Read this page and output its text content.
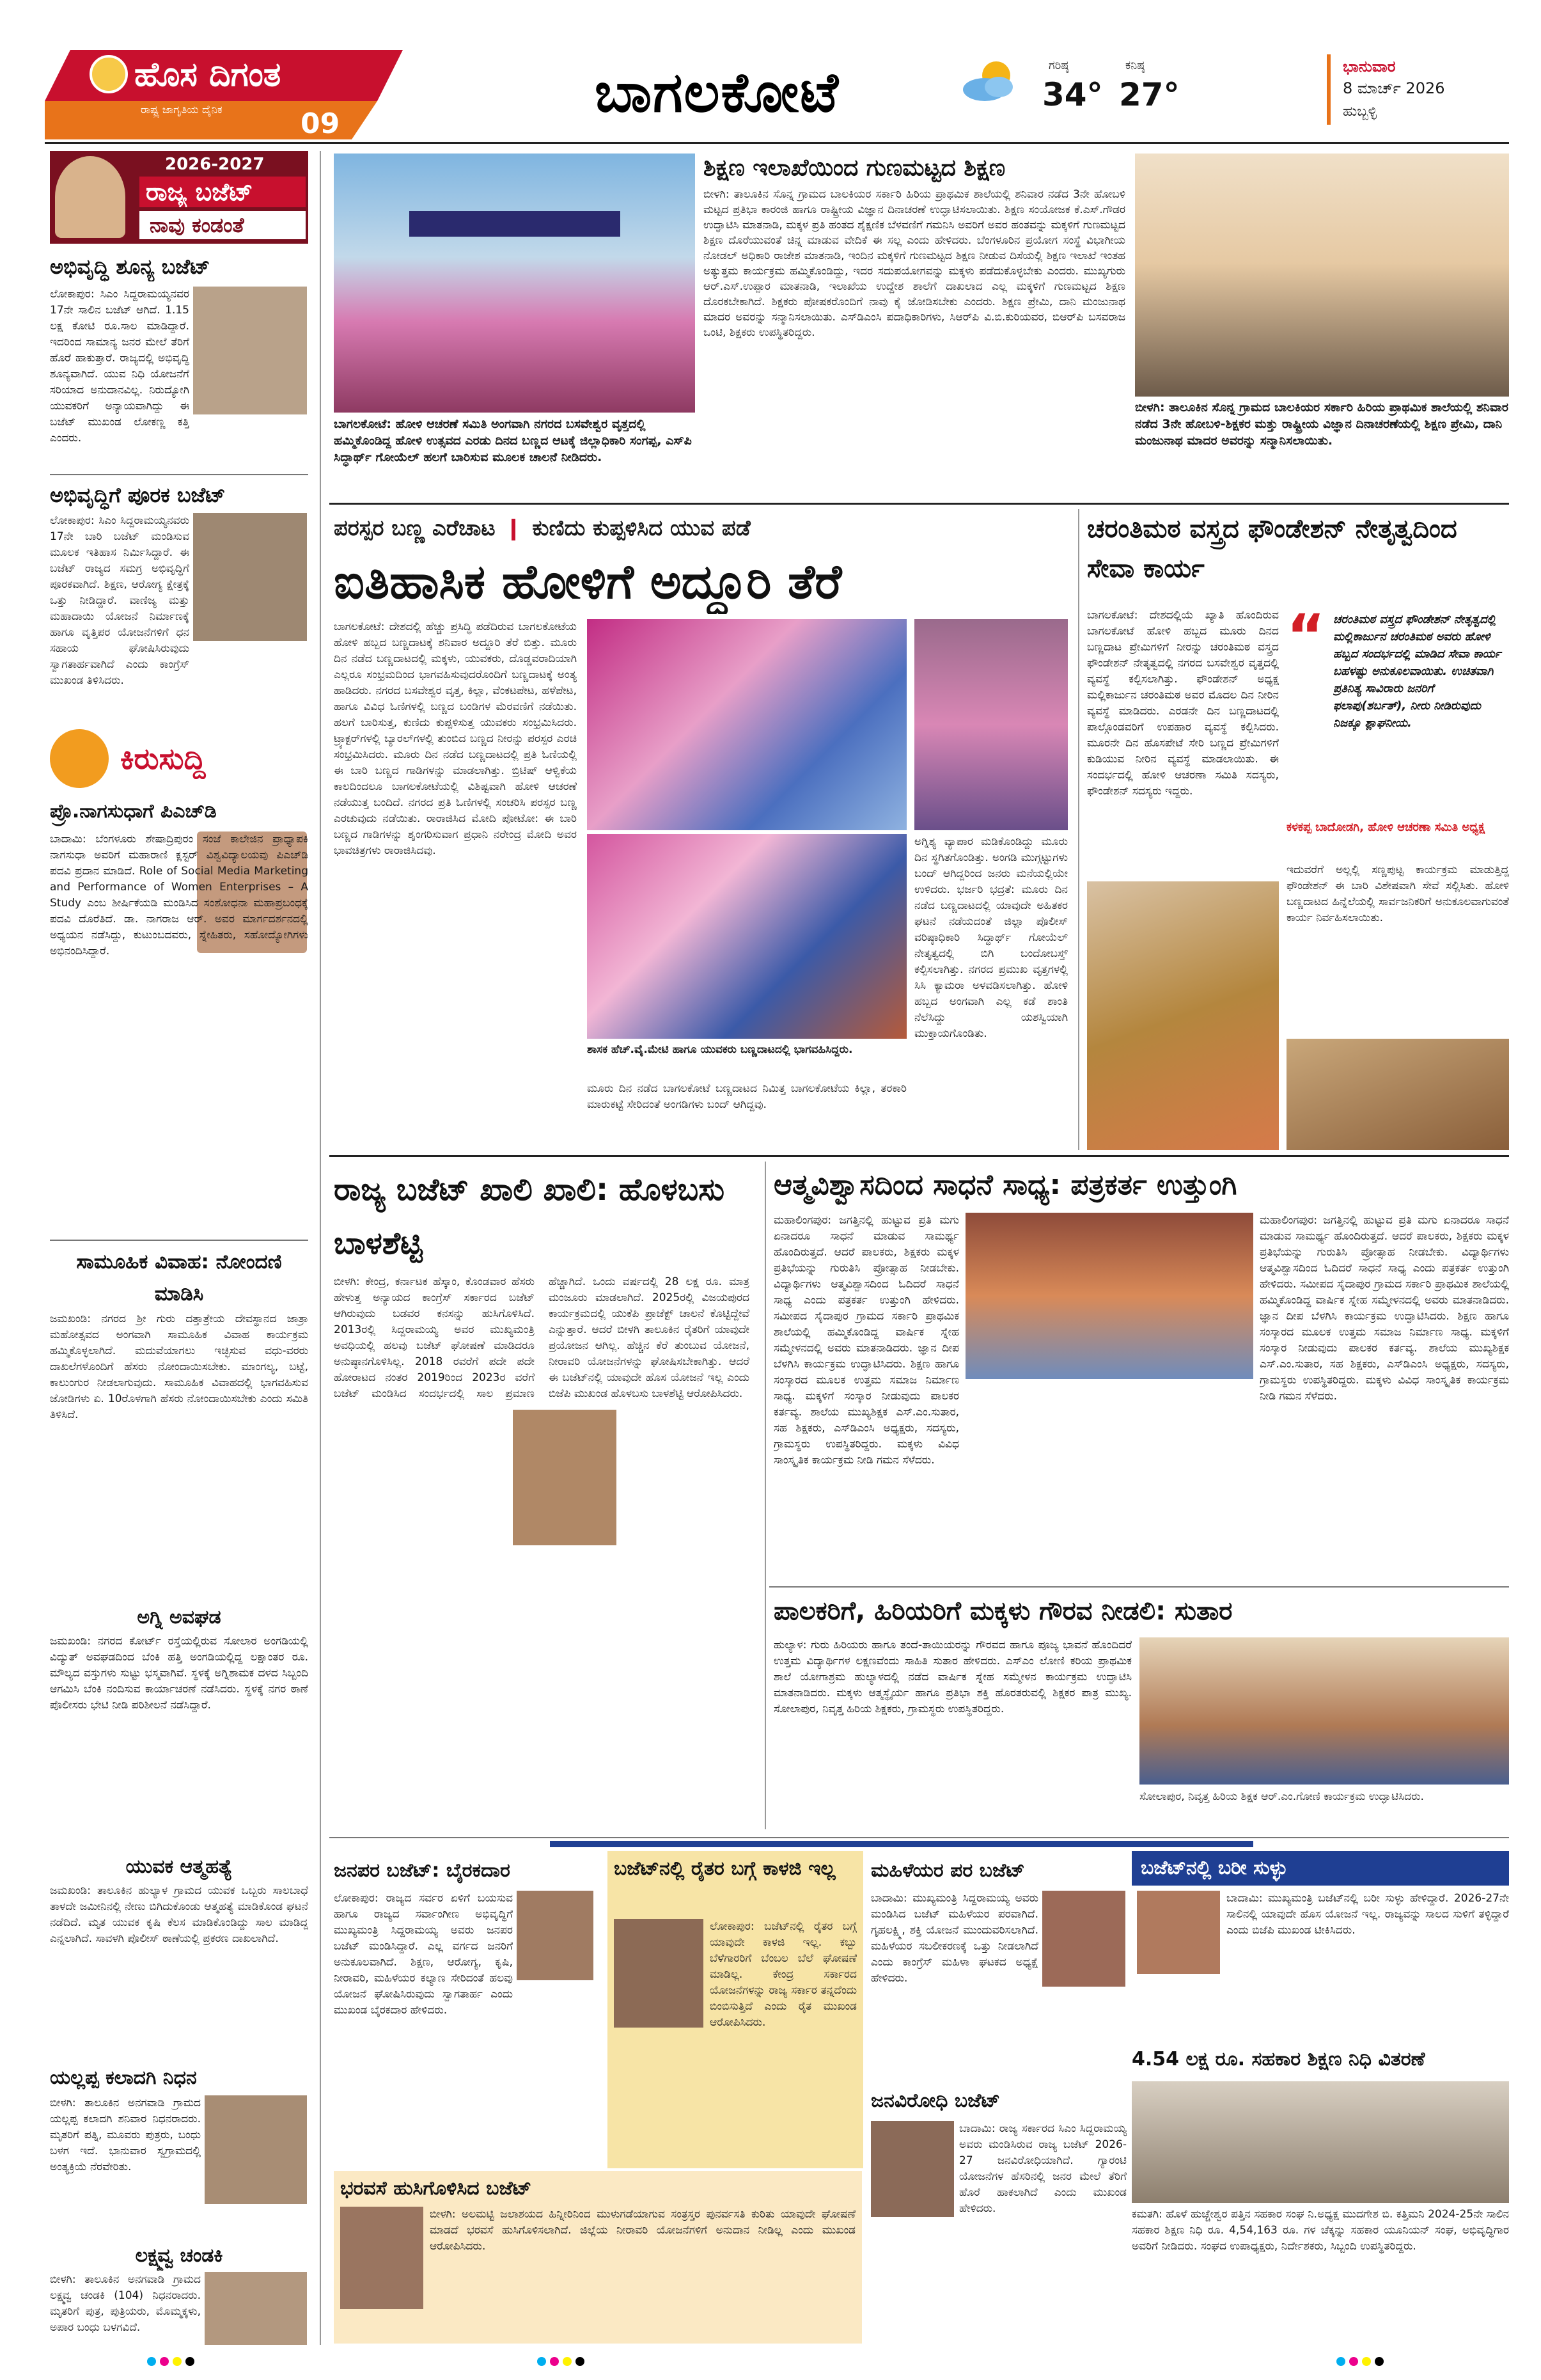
ಹೊಸ ದಿಗಂತ
ರಾಷ್ಟ್ರ ಜಾಗೃತಿಯ ದೈನಿಕ	09	ಬಾಗಲಕೋಟೆ	ಗರಿಷ್ಠ
34°
ಕನಿಷ್ಠ
27°
ಭಾನುವಾರ
8 ಮಾರ್ಚ್ 2026
ಹುಬ್ಬಳ್ಳಿ
2026-2027
ರಾಜ್ಯ ಬಜೆಟ್
ನಾವು ಕಂಡಂತೆ
ಅಭಿವೃದ್ಧಿ ಶೂನ್ಯ ಬಜೆಟ್
ಲೋಕಾಪುರ: ಸಿಎಂ ಸಿದ್ದರಾಮಯ್ಯನವರ 17ನೇ ಸಾಲಿನ ಬಜೆಟ್ ಆಗಿದೆ. 1.15 ಲಕ್ಷ ಕೋಟಿ ರೂ.ಸಾಲ ಮಾಡಿದ್ದಾರೆ. ಇದರಿಂದ ಸಾಮಾನ್ಯ ಜನರ ಮೇಲೆ ತೆರಿಗೆ ಹೊರೆ ಹಾಕುತ್ತಾರೆ. ರಾಜ್ಯದಲ್ಲಿ ಅಭಿವೃದ್ಧಿ ಶೂನ್ಯವಾಗಿದೆ. ಯುವ ನಿಧಿ ಯೋಜನೆಗೆ ಸರಿಯಾದ ಅನುದಾನವಿಲ್ಲ. ನಿರುದ್ಯೋಗಿ ಯುವಕರಿಗೆ ಅನ್ಯಾಯವಾಗಿದ್ದು ಈ ಬಜೆಟ್ ಮುಖಂಡ ಲೋಕಣ್ಣ ಕತ್ತಿ ಎಂದರು.
ಅಭಿವೃದ್ಧಿಗೆ ಪೂರಕ ಬಜೆಟ್
ಲೋಕಾಪುರ: ಸಿಎಂ ಸಿದ್ದರಾಮಯ್ಯನವರು 17ನೇ ಬಾರಿ ಬಜೆಟ್ ಮಂಡಿಸುವ ಮೂಲಕ ಇತಿಹಾಸ ನಿರ್ಮಿಸಿದ್ದಾರೆ. ಈ ಬಜೆಟ್ ರಾಜ್ಯದ ಸಮಗ್ರ ಅಭಿವೃದ್ಧಿಗೆ ಪೂರಕವಾಗಿದೆ. ಶಿಕ್ಷಣ, ಆರೋಗ್ಯ ಕ್ಷೇತ್ರಕ್ಕೆ ಒತ್ತು ನೀಡಿದ್ದಾರೆ. ವಾಣಿಜ್ಯ ಮತ್ತು ಮಹಾದಾಯಿ ಯೋಜನೆ ನಿರ್ಮಾಣಕ್ಕೆ ಹಾಗೂ ವೃತ್ತಿಪರ ಯೋಜನೆಗಳಿಗೆ ಧನ ಸಹಾಯ ಘೋಷಿಸಿರುವುದು ಸ್ವಾಗತಾರ್ಹವಾಗಿದೆ ಎಂದು ಕಾಂಗ್ರೆಸ್ ಮುಖಂಡ ತಿಳಿಸಿದರು.
ಕಿರುಸುದ್ದಿ
ಪ್ರೊ.ನಾಗಸುಧಾಗೆ ಪಿಎಚ್‌ಡಿ
ಬಾದಾಮಿ: ಬೆಂಗಳೂರು ಶೇಷಾದ್ರಿಪುರಂ ಸಂಜೆ ಕಾಲೇಜಿನ ಪ್ರಾಧ್ಯಾಪಕಿ ನಾಗಸುಧಾ ಅವರಿಗೆ ಮಹಾರಾಣಿ ಕ್ಲಸ್ಟರ್ ವಿಶ್ವವಿದ್ಯಾಲಯವು ಪಿಎಚ್‌ಡಿ ಪದವಿ ಪ್ರದಾನ ಮಾಡಿದೆ. Role of Social Media Marketing and Performance of Women Enterprises – A Study ಎಂಬ ಶೀರ್ಷಿಕೆಯಡಿ ಮಂಡಿಸಿದ ಸಂಶೋಧನಾ ಮಹಾಪ್ರಬಂಧಕ್ಕೆ ಪದವಿ ದೊರೆತಿದೆ. ಡಾ. ನಾಗರಾಜ ಆರ್. ಅವರ ಮಾರ್ಗದರ್ಶನದಲ್ಲಿ ಅಧ್ಯಯನ ನಡೆಸಿದ್ದು, ಕುಟುಂಬದವರು, ಸ್ನೇಹಿತರು, ಸಹೋದ್ಯೋಗಿಗಳು ಅಭಿನಂದಿಸಿದ್ದಾರೆ.
ಸಾಮೂಹಿಕ ವಿವಾಹ: ನೋಂದಣಿ ಮಾಡಿಸಿ
ಜಮಖಂಡಿ: ನಗರದ ಶ್ರೀ ಗುರು ದತ್ತಾತ್ರೇಯ ದೇವಸ್ಥಾನದ ಜಾತ್ರಾ ಮಹೋತ್ಸವದ ಅಂಗವಾಗಿ ಸಾಮೂಹಿಕ ವಿವಾಹ ಕಾರ್ಯಕ್ರಮ ಹಮ್ಮಿಕೊಳ್ಳಲಾಗಿದೆ. ಮದುವೆಯಾಗಲು ಇಚ್ಛಿಸುವ ವಧು-ವರರು ದಾಖಲೆಗಳೊಂದಿಗೆ ಹೆಸರು ನೋಂದಾಯಿಸಬೇಕು. ಮಾಂಗಲ್ಯ, ಬಟ್ಟೆ, ಕಾಲುಂಗುರ ನೀಡಲಾಗುವುದು. ಸಾಮೂಹಿಕ ವಿವಾಹದಲ್ಲಿ ಭಾಗವಹಿಸುವ ಜೋಡಿಗಳು ಏ. 10ರೊಳಗಾಗಿ ಹೆಸರು ನೋಂದಾಯಿಸಬೇಕು ಎಂದು ಸಮಿತಿ ತಿಳಿಸಿದೆ.
ಅಗ್ನಿ ಅವಘಡ
ಜಮಖಂಡಿ: ನಗರದ ಕೋರ್ಟ್ ರಸ್ತೆಯಲ್ಲಿರುವ ಸೋಲಾರ ಅಂಗಡಿಯಲ್ಲಿ ವಿದ್ಯುತ್ ಅವಘಡದಿಂದ ಬೆಂಕಿ ಹತ್ತಿ ಅಂಗಡಿಯಲ್ಲಿದ್ದ ಲಕ್ಷಾಂತರ ರೂ. ಮೌಲ್ಯದ ವಸ್ತುಗಳು ಸುಟ್ಟು ಭಸ್ಮವಾಗಿವೆ. ಸ್ಥಳಕ್ಕೆ ಅಗ್ನಿಶಾಮಕ ದಳದ ಸಿಬ್ಬಂದಿ ಆಗಮಿಸಿ ಬೆಂಕಿ ನಂದಿಸುವ ಕಾರ್ಯಾಚರಣೆ ನಡೆಸಿದರು. ಸ್ಥಳಕ್ಕೆ ನಗರ ಠಾಣೆ ಪೊಲೀಸರು ಭೇಟಿ ನೀಡಿ ಪರಿಶೀಲನೆ ನಡೆಸಿದ್ದಾರೆ.
ಯುವಕ ಆತ್ಮಹತ್ಯೆ
ಜಮಖಂಡಿ: ತಾಲೂಕಿನ ಹುಲ್ಯಾಳ ಗ್ರಾಮದ ಯುವಕ ಒಬ್ಬರು ಸಾಲಬಾಧೆ ತಾಳದೇ ಜಮೀನಿನಲ್ಲಿ ನೇಣು ಬಿಗಿದುಕೊಂಡು ಆತ್ಮಹತ್ಯೆ ಮಾಡಿಕೊಂಡ ಘಟನೆ ನಡೆದಿದೆ. ಮೃತ ಯುವಕ ಕೃಷಿ ಕೆಲಸ ಮಾಡಿಕೊಂಡಿದ್ದು ಸಾಲ ಮಾಡಿದ್ದ ಎನ್ನಲಾಗಿದೆ. ಸಾವಳಗಿ ಪೊಲೀಸ್ ಠಾಣೆಯಲ್ಲಿ ಪ್ರಕರಣ ದಾಖಲಾಗಿದೆ.
ಯಲ್ಲಪ್ಪ ಕಲಾದಗಿ ನಿಧನ
ಬೀಳಗಿ: ತಾಲೂಕಿನ ಅನಗವಾಡಿ ಗ್ರಾಮದ ಯಲ್ಲಪ್ಪ ಕಲಾದಗಿ ಶನಿವಾರ ನಿಧನರಾದರು. ಮೃತರಿಗೆ ಪತ್ನಿ, ಮೂವರು ಪುತ್ರರು, ಬಂಧು ಬಳಗ ಇದೆ. ಭಾನುವಾರ ಸ್ವಗ್ರಾಮದಲ್ಲಿ ಅಂತ್ಯಕ್ರಿಯೆ ನೆರವೇರಿತು.
ಲಕ್ಷ್ಮವ್ವ ಚಂಡಕಿ
ಬೀಳಗಿ: ತಾಲೂಕಿನ ಅನಗವಾಡಿ ಗ್ರಾಮದ ಲಕ್ಷ್ಮವ್ವ ಚಂಡಕಿ (104) ನಿಧನರಾದರು. ಮೃತರಿಗೆ ಪುತ್ರ, ಪುತ್ರಿಯರು, ಮೊಮ್ಮಕ್ಕಳು, ಅಪಾರ ಬಂಧು ಬಳಗವಿದೆ.
ಬಾಗಲಕೋಟೆ: ಹೋಳಿ ಆಚರಣೆ ಸಮಿತಿ ಅಂಗವಾಗಿ ನಗರದ ಬಸವೇಶ್ವರ ವೃತ್ತದಲ್ಲಿ ಹಮ್ಮಿಕೊಂಡಿದ್ದ ಹೋಳಿ ಉತ್ಸವದ ಎರಡು ದಿನದ ಬಣ್ಣದ ಆಟಕ್ಕೆ ಜಿಲ್ಲಾಧಿಕಾರಿ ಸಂಗಪ್ಪ, ಎಸ್‌ಪಿ ಸಿದ್ಧಾರ್ಥ್ ಗೋಯೆಲ್ ಹಲಗೆ ಬಾರಿಸುವ ಮೂಲಕ ಚಾಲನೆ ನೀಡಿದರು.
ಶಿಕ್ಷಣ ಇಲಾಖೆಯಿಂದ ಗುಣಮಟ್ಟದ ಶಿಕ್ಷಣ
ಬೀಳಗಿ: ತಾಲೂಕಿನ ಸೊನ್ನ ಗ್ರಾಮದ ಬಾಲಕಿಯರ ಸರ್ಕಾರಿ ಹಿರಿಯ ಪ್ರಾಥಮಿಕ ಶಾಲೆಯಲ್ಲಿ ಶನಿವಾರ ನಡೆದ 3ನೇ ಹೋಬಳಿ ಮಟ್ಟದ ಪ್ರತಿಭಾ ಕಾರಂಜಿ ಹಾಗೂ ರಾಷ್ಟ್ರೀಯ ವಿಜ್ಞಾನ ದಿನಾಚರಣೆ ಉದ್ಘಾಟಿಸಲಾಯಿತು. ಶಿಕ್ಷಣ ಸಂಯೋಜಕ ಕೆ.ಎಸ್.ಗೌಡರ ಉದ್ಘಾಟಿಸಿ ಮಾತನಾಡಿ, ಮಕ್ಕಳ ಪ್ರತಿ ಹಂತದ ಶೈಕ್ಷಣಿಕ ಬೆಳವಣಿಗೆ ಗಮನಿಸಿ ಅವರಿಗೆ ಅವರ ಹಂತವನ್ನು ಮಕ್ಕಳಿಗೆ ಗುಣಮಟ್ಟದ ಶಿಕ್ಷಣ ದೊರೆಯುವಂತೆ ಚಿನ್ನ ಮಾಡುವ ವೇದಿಕೆ ಈ ಸಲ್ಲ ಎಂದು ಹೇಳಿದರು. ಬೆಂಗಳೂರಿನ ಪ್ರಯೋಗ ಸಂಸ್ಥೆ ವಿಭಾಗೀಯ ನೋಡಲ್ ಅಧಿಕಾರಿ ರಾಜೇಶ ಮಾತನಾಡಿ, ಇಂದಿನ ಮಕ್ಕಳಿಗೆ ಗುಣಮಟ್ಟದ ಶಿಕ್ಷಣ ನೀಡುವ ದಿಸೆಯಲ್ಲಿ ಶಿಕ್ಷಣ ಇಲಾಖೆ ಇಂತಹ ಅತ್ಯುತ್ತಮ ಕಾರ್ಯಕ್ರಮ ಹಮ್ಮಿಕೊಂಡಿದ್ದು, ಇದರ ಸದುಪಯೋಗವನ್ನು ಮಕ್ಕಳು ಪಡೆದುಕೊಳ್ಳಬೇಕು ಎಂದರು. ಮುಖ್ಯಗುರು ಆರ್.ಎಸ್.ಉಪ್ಪಾರ ಮಾತನಾಡಿ, ಇಲಾಖೆಯ ಉದ್ದೇಶ ಶಾಲೆಗೆ ದಾಖಲಾದ ಎಲ್ಲ ಮಕ್ಕಳಿಗೆ ಗುಣಮಟ್ಟದ ಶಿಕ್ಷಣ ದೊರಕಬೇಕಾಗಿದೆ. ಶಿಕ್ಷಕರು ಪೋಷಕರೊಂದಿಗೆ ನಾವು ಕೈ ಜೋಡಿಸಬೇಕು ಎಂದರು. ಶಿಕ್ಷಣ ಪ್ರೇಮಿ, ದಾನಿ ಮಂಜುನಾಥ ಮಾದರ ಅವರನ್ನು ಸನ್ಮಾನಿಸಲಾಯಿತು. ಎಸ್‌ಡಿಎಂಸಿ ಪದಾಧಿಕಾರಿಗಳು, ಸಿಆರ್‌ಪಿ ವಿ.ಬಿ.ಕುರಿಯವರ, ಬಿಆರ್‌ಪಿ ಬಸವರಾಜ ಒಂಟಿ, ಶಿಕ್ಷಕರು ಉಪಸ್ಥಿತರಿದ್ದರು.
ಬೀಳಗಿ: ತಾಲೂಕಿನ ಸೊನ್ನ ಗ್ರಾಮದ ಬಾಲಕಿಯರ ಸರ್ಕಾರಿ ಹಿರಿಯ ಪ್ರಾಥಮಿಕ ಶಾಲೆಯಲ್ಲಿ ಶನಿವಾರ ನಡೆದ 3ನೇ ಹೋಬಳಿ-ಶಿಕ್ಷಕರ ಮತ್ತು ರಾಷ್ಟ್ರೀಯ ವಿಜ್ಞಾನ ದಿನಾಚರಣೆಯಲ್ಲಿ ಶಿಕ್ಷಣ ಪ್ರೇಮಿ, ದಾನಿ ಮಂಜುನಾಥ ಮಾದರ ಅವರನ್ನು ಸನ್ಮಾನಿಸಲಾಯಿತು.
ಪರಸ್ಪರ ಬಣ್ಣ ಎರೆಚಾಟ ಕುಣಿದು ಕುಪ್ಪಳಿಸಿದ ಯುವ ಪಡೆ
ಐತಿಹಾಸಿಕ ಹೋಳಿಗೆ ಅದ್ದೂರಿ ತೆರೆ
ಬಾಗಲಕೋಟೆ: ದೇಶದಲ್ಲಿ ಹೆಚ್ಚು ಪ್ರಸಿದ್ಧಿ ಪಡೆದಿರುವ ಬಾಗಲಕೋಟೆಯ ಹೋಳಿ ಹಬ್ಬದ ಬಣ್ಣದಾಟಕ್ಕೆ ಶನಿವಾರ ಅದ್ದೂರಿ ತೆರೆ ಬಿತ್ತು. ಮೂರು ದಿನ ನಡೆದ ಬಣ್ಣದಾಟದಲ್ಲಿ ಮಕ್ಕಳು, ಯುವಕರು, ದೊಡ್ಡವರಾದಿಯಾಗಿ ಎಲ್ಲರೂ ಸಂಭ್ರಮದಿಂದ ಭಾಗವಹಿಸುವುದರೊಂದಿಗೆ ಬಣ್ಣದಾಟಕ್ಕೆ ಅಂತ್ಯ ಹಾಡಿದರು. ನಗರದ ಬಸವೇಶ್ವರ ವೃತ್ತ, ಕಿಲ್ಲಾ, ವೆಂಕಟಪೇಟ, ಹಳೆಪೇಟ, ಹಾಗೂ ವಿವಿಧ ಓಣಿಗಳಲ್ಲಿ ಬಣ್ಣದ ಬಂಡಿಗಳ ಮೆರವಣಿಗೆ ನಡೆಯಿತು. ಹಲಗೆ ಬಾರಿಸುತ್ತ, ಕುಣಿದು ಕುಪ್ಪಳಿಸುತ್ತ ಯುವಕರು ಸಂಭ್ರಮಿಸಿದರು. ಟ್ರ್ಯಾಕ್ಟರ್‌ಗಳಲ್ಲಿ ಬ್ಯಾರಲ್‌ಗಳಲ್ಲಿ ತುಂಬಿದ ಬಣ್ಣದ ನೀರನ್ನು ಪರಸ್ಪರ ಎರಚಿ ಸಂಭ್ರಮಿಸಿದರು. ಮೂರು ದಿನ ನಡೆದ ಬಣ್ಣದಾಟದಲ್ಲಿ ಪ್ರತಿ ಓಣಿಯಲ್ಲಿ ಈ ಬಾರಿ ಬಣ್ಣದ ಗಾಡಿಗಳನ್ನು ಮಾಡಲಾಗಿತ್ತು. ಬ್ರಿಟಿಷ್ ಆಳ್ವಿಕೆಯ ಕಾಲದಿಂದಲೂ ಬಾಗಲಕೋಟೆಯಲ್ಲಿ ವಿಶಿಷ್ಟವಾಗಿ ಹೋಳಿ ಆಚರಣೆ ನಡೆಯುತ್ತ ಬಂದಿದೆ. ನಗರದ ಪ್ರತಿ ಓಣಿಗಳಲ್ಲಿ ಸಂಚರಿಸಿ ಪರಸ್ಪರ ಬಣ್ಣ ಎರಚುವುದು ನಡೆಯಿತು. ರಾರಾಜಿಸಿದ ಮೋದಿ ಪೋಟೋ: ಈ ಬಾರಿ ಬಣ್ಣದ ಗಾಡಿಗಳನ್ನು ಶೃಂಗರಿಸುವಾಗ ಪ್ರಧಾನಿ ನರೇಂದ್ರ ಮೋದಿ ಅವರ ಭಾವಚಿತ್ರಗಳು ರಾರಾಜಿಸಿದವು.
ಶಾಸಕ ಹೆಚ್.ವೈ.ಮೇಟಿ ಹಾಗೂ ಯುವಕರು ಬಣ್ಣದಾಟದಲ್ಲಿ ಭಾಗವಹಿಸಿದ್ದರು.
ಮೂರು ದಿನ ನಡೆದ ಬಾಗಲಕೋಟೆ ಬಣ್ಣದಾಟದ ನಿಮಿತ್ತ ಬಾಗಲಕೋಟೆಯ ಕಿಲ್ಲಾ, ತರಕಾರಿ ಮಾರುಕಟ್ಟೆ ಸೇರಿದಂತೆ ಅಂಗಡಿಗಳು ಬಂದ್ ಆಗಿದ್ದವು.
ಅಗ್ನಿಶ್ಯ ವ್ಯಾಪಾರ ಮಡಿಕೊಂಡಿದ್ದು ಮೂರು ದಿನ ಸ್ಥಗಿತಗೊಂಡಿತ್ತು. ಅಂಗಡಿ ಮುಗ್ಗಟ್ಟುಗಳು ಬಂದ್ ಆಗಿದ್ದರಿಂದ ಜನರು ಮನೆಯಲ್ಲಿಯೇ ಉಳಿದರು. ಭರ್ಜರಿ ಭದ್ರತೆ: ಮೂರು ದಿನ ನಡೆದ ಬಣ್ಣದಾಟದಲ್ಲಿ ಯಾವುದೇ ಅಹಿತಕರ ಘಟನೆ ನಡೆಯದಂತೆ ಜಿಲ್ಲಾ ಪೊಲೀಸ್ ವರಿಷ್ಠಾಧಿಕಾರಿ ಸಿದ್ಧಾರ್ಥ್ ಗೋಯೆಲ್ ನೇತೃತ್ವದಲ್ಲಿ ಬಿಗಿ ಬಂದೋಬಸ್ತ್ ಕಲ್ಪಿಸಲಾಗಿತ್ತು. ನಗರದ ಪ್ರಮುಖ ವೃತ್ತಗಳಲ್ಲಿ ಸಿಸಿ ಕ್ಯಾಮರಾ ಅಳವಡಿಸಲಾಗಿತ್ತು. ಹೋಳಿ ಹಬ್ಬದ ಅಂಗವಾಗಿ ಎಲ್ಲ ಕಡೆ ಶಾಂತಿ ನೆಲೆಸಿದ್ದು ಯಶಸ್ವಿಯಾಗಿ ಮುಕ್ತಾಯಗೊಂಡಿತು.
ಚರಂತಿಮಠ ವಸ್ತ್ರದ ಫೌಂಡೇಶನ್ ನೇತೃತ್ವದಿಂದ ಸೇವಾ ಕಾರ್ಯ
ಬಾಗಲಕೋಟೆ: ದೇಶದಲ್ಲಿಯೆ ಖ್ಯಾತಿ ಹೊಂದಿರುವ ಬಾಗಲಕೋಟೆ ಹೋಳಿ ಹಬ್ಬದ ಮೂರು ದಿನದ ಬಣ್ಣದಾಟ ಪ್ರೇಮಿಗಳಿಗೆ ನೀರನ್ನು ಚರಂತಿಮಠ ವಸ್ತ್ರದ ಫೌಂಡೇಶನ್ ನೇತೃತ್ವದಲ್ಲಿ ನಗರದ ಬಸವೇಶ್ವರ ವೃತ್ತದಲ್ಲಿ ವ್ಯವಸ್ಥೆ ಕಲ್ಪಿಸಲಾಗಿತ್ತು. ಫೌಂಡೇಶನ್ ಅಧ್ಯಕ್ಷ ಮಲ್ಲಿಕಾರ್ಜುನ ಚರಂತಿಮಠ ಅವರ ಮೊದಲ ದಿನ ನೀರಿನ ವ್ಯವಸ್ಥೆ ಮಾಡಿದರು. ಎರಡನೇ ದಿನ ಬಣ್ಣದಾಟದಲ್ಲಿ ಪಾಲ್ಗೊಂಡವರಿಗೆ ಉಪಹಾರ ವ್ಯವಸ್ಥೆ ಕಲ್ಪಿಸಿದರು. ಮೂರನೇ ದಿನ ಹೊಸಪೇಟೆ ಸೇರಿ ಬಣ್ಣದ ಪ್ರೇಮಿಗಳಿಗೆ ಕುಡಿಯುವ ನೀರಿನ ವ್ಯವಸ್ಥೆ ಮಾಡಲಾಯಿತು. ಈ ಸಂದರ್ಭದಲ್ಲಿ ಹೋಳಿ ಆಚರಣಾ ಸಮಿತಿ ಸದಸ್ಯರು, ಫೌಂಡೇಶನ್ ಸದಸ್ಯರು ಇದ್ದರು.
“ ಚರಂತಿಮಠ ವಸ್ತ್ರದ ಫೌಂಡೇಶನ್ ನೇತೃತ್ವದಲ್ಲಿ ಮಲ್ಲಿಕಾರ್ಜುನ ಚರಂತಿಮಠ ಅವರು ಹೋಳಿ ಹಬ್ಬದ ಸಂದರ್ಭದಲ್ಲಿ ಮಾಡಿದ ಸೇವಾ ಕಾರ್ಯ ಬಹಳಷ್ಟು ಅನುಕೂಲವಾಯಿತು. ಉಚಿತವಾಗಿ ಪ್ರತಿನಿತ್ಯ ಸಾವಿರಾರು ಜನರಿಗೆ ಫಲಾಪು(ಶರ್ಬತ್), ನೀರು ನೀಡಿರುವುದು ನಿಜಕ್ಕೂ ಶ್ಲಾಘನೀಯ.
ಕಳಕಪ್ಪ ಬಾದೋಡಗಿ, ಹೋಳಿ ಆಚರಣಾ ಸಮಿತಿ ಅಧ್ಯಕ್ಷ
ಇದುವರೆಗೆ ಅಲ್ಲಲ್ಲಿ ಸಣ್ಣಪುಟ್ಟ ಕಾರ್ಯಕ್ರಮ ಮಾಡುತ್ತಿದ್ದ ಫೌಂಡೇಶನ್ ಈ ಬಾರಿ ವಿಶೇಷವಾಗಿ ಸೇವೆ ಸಲ್ಲಿಸಿತು. ಹೋಳಿ ಬಣ್ಣದಾಟದ ಹಿನ್ನೆಲೆಯಲ್ಲಿ ಸಾರ್ವಜನಿಕರಿಗೆ ಅನುಕೂಲವಾಗುವಂತೆ ಕಾರ್ಯ ನಿರ್ವಹಿಸಲಾಯಿತು.
ರಾಜ್ಯ ಬಜೆಟ್ ಖಾಲಿ ಖಾಲಿ: ಹೊಳಬಸು ಬಾಳಶೆಟ್ಟಿ
ಬೀಳಗಿ: ಕೇಂದ್ರ, ಕರ್ನಾಟಕ ಹೆಸ್ಕಾಂ, ಕೊಂಡವಾರ ಹೆಸರು ಹೇಳುತ್ತ ಅನ್ಯಾಯದ ಕಾಂಗ್ರೆಸ್ ಸರ್ಕಾರದ ಬಜೆಟ್ ಆಗಿರುವುದು ಬಡವರ ಕನಸನ್ನು ಹುಸಿಗೊಳಿಸಿದೆ. 2013ರಲ್ಲಿ ಸಿದ್ದರಾಮಯ್ಯ ಅವರ ಮುಖ್ಯಮಂತ್ರಿ ಅವಧಿಯಲ್ಲಿ ಹಲವು ಬಜೆಟ್ ಘೋಷಣೆ ಮಾಡಿದರೂ ಅನುಷ್ಠಾನಗೊಳಿಸಿಲ್ಲ. 2018 ರವರೆಗೆ ಪದೇ ಪದೇ ಹೋರಾಟದ ನಂತರ 2019ರಿಂದ 2023ರ ವರೆಗೆ ಬಜೆಟ್ ಮಂಡಿಸಿದ ಸಂದರ್ಭದಲ್ಲಿ ಸಾಲ ಪ್ರಮಾಣ ಹೆಚ್ಚಾಗಿದೆ. ಒಂದು ವರ್ಷದಲ್ಲಿ 28 ಲಕ್ಷ ರೂ. ಮಾತ್ರ ಮಂಜೂರು ಮಾಡಲಾಗಿದೆ. 2025ರಲ್ಲಿ ವಿಜಯಪುರದ ಕಾರ್ಯಕ್ರಮದಲ್ಲಿ ಯುಕೆಪಿ ಪ್ರಾಜೆಕ್ಟ್ ಚಾಲನೆ ಕೊಟ್ಟಿದ್ದೇವೆ ಎನ್ನುತ್ತಾರೆ. ಆದರೆ ಬೀಳಗಿ ತಾಲೂಕಿನ ರೈತರಿಗೆ ಯಾವುದೇ ಪ್ರಯೋಜನ ಆಗಿಲ್ಲ. ಹೆಚ್ಚಿನ ಕೆರೆ ತುಂಬುವ ಯೋಜನೆ, ನೀರಾವರಿ ಯೋಜನೆಗಳನ್ನು ಘೋಷಿಸಬೇಕಾಗಿತ್ತು. ಆದರೆ ಈ ಬಜೆಟ್‌ನಲ್ಲಿ ಯಾವುದೇ ಹೊಸ ಯೋಜನೆ ಇಲ್ಲ ಎಂದು ಬಿಜೆಪಿ ಮುಖಂಡ ಹೊಳಬಸು ಬಾಳಶೆಟ್ಟಿ ಆರೋಪಿಸಿದರು.
ಆತ್ಮವಿಶ್ವಾಸದಿಂದ ಸಾಧನೆ ಸಾಧ್ಯ: ಪತ್ರಕರ್ತ ಉತ್ತುಂಗಿ
ಮಹಾಲಿಂಗಪುರ: ಜಗತ್ತಿನಲ್ಲಿ ಹುಟ್ಟುವ ಪ್ರತಿ ಮಗು ಏನಾದರೂ ಸಾಧನೆ ಮಾಡುವ ಸಾಮರ್ಥ್ಯ ಹೊಂದಿರುತ್ತದೆ. ಆದರೆ ಪಾಲಕರು, ಶಿಕ್ಷಕರು ಮಕ್ಕಳ ಪ್ರತಿಭೆಯನ್ನು ಗುರುತಿಸಿ ಪ್ರೋತ್ಸಾಹ ನೀಡಬೇಕು. ವಿದ್ಯಾರ್ಥಿಗಳು ಆತ್ಮವಿಶ್ವಾಸದಿಂದ ಓದಿದರೆ ಸಾಧನೆ ಸಾಧ್ಯ ಎಂದು ಪತ್ರಕರ್ತ ಉತ್ತುಂಗಿ ಹೇಳಿದರು. ಸಮೀಪದ ಸೈದಾಪುರ ಗ್ರಾಮದ ಸರ್ಕಾರಿ ಪ್ರಾಥಮಿಕ ಶಾಲೆಯಲ್ಲಿ ಹಮ್ಮಿಕೊಂಡಿದ್ದ ವಾರ್ಷಿಕ ಸ್ನೇಹ ಸಮ್ಮೇಳನದಲ್ಲಿ ಅವರು ಮಾತನಾಡಿದರು. ಜ್ಞಾನ ದೀಪ ಬೆಳಗಿಸಿ ಕಾರ್ಯಕ್ರಮ ಉದ್ಘಾಟಿಸಿದರು. ಶಿಕ್ಷಣ ಹಾಗೂ ಸಂಸ್ಕಾರದ ಮೂಲಕ ಉತ್ತಮ ಸಮಾಜ ನಿರ್ಮಾಣ ಸಾಧ್ಯ. ಮಕ್ಕಳಿಗೆ ಸಂಸ್ಕಾರ ನೀಡುವುದು ಪಾಲಕರ ಕರ್ತವ್ಯ. ಶಾಲೆಯ ಮುಖ್ಯಶಿಕ್ಷಕ ಎಸ್.ಎಂ.ಸುತಾರ, ಸಹ ಶಿಕ್ಷಕರು, ಎಸ್‌ಡಿಎಂಸಿ ಅಧ್ಯಕ್ಷರು, ಸದಸ್ಯರು, ಗ್ರಾಮಸ್ಥರು ಉಪಸ್ಥಿತರಿದ್ದರು. ಮಕ್ಕಳು ವಿವಿಧ ಸಾಂಸ್ಕೃತಿಕ ಕಾರ್ಯಕ್ರಮ ನೀಡಿ ಗಮನ ಸೆಳೆದರು.
ಮಹಾಲಿಂಗಪುರ: ಜಗತ್ತಿನಲ್ಲಿ ಹುಟ್ಟುವ ಪ್ರತಿ ಮಗು ಏನಾದರೂ ಸಾಧನೆ ಮಾಡುವ ಸಾಮರ್ಥ್ಯ ಹೊಂದಿರುತ್ತದೆ. ಆದರೆ ಪಾಲಕರು, ಶಿಕ್ಷಕರು ಮಕ್ಕಳ ಪ್ರತಿಭೆಯನ್ನು ಗುರುತಿಸಿ ಪ್ರೋತ್ಸಾಹ ನೀಡಬೇಕು. ವಿದ್ಯಾರ್ಥಿಗಳು ಆತ್ಮವಿಶ್ವಾಸದಿಂದ ಓದಿದರೆ ಸಾಧನೆ ಸಾಧ್ಯ ಎಂದು ಪತ್ರಕರ್ತ ಉತ್ತುಂಗಿ ಹೇಳಿದರು. ಸಮೀಪದ ಸೈದಾಪುರ ಗ್ರಾಮದ ಸರ್ಕಾರಿ ಪ್ರಾಥಮಿಕ ಶಾಲೆಯಲ್ಲಿ ಹಮ್ಮಿಕೊಂಡಿದ್ದ ವಾರ್ಷಿಕ ಸ್ನೇಹ ಸಮ್ಮೇಳನದಲ್ಲಿ ಅವರು ಮಾತನಾಡಿದರು. ಜ್ಞಾನ ದೀಪ ಬೆಳಗಿಸಿ ಕಾರ್ಯಕ್ರಮ ಉದ್ಘಾಟಿಸಿದರು. ಶಿಕ್ಷಣ ಹಾಗೂ ಸಂಸ್ಕಾರದ ಮೂಲಕ ಉತ್ತಮ ಸಮಾಜ ನಿರ್ಮಾಣ ಸಾಧ್ಯ. ಮಕ್ಕಳಿಗೆ ಸಂಸ್ಕಾರ ನೀಡುವುದು ಪಾಲಕರ ಕರ್ತವ್ಯ. ಶಾಲೆಯ ಮುಖ್ಯಶಿಕ್ಷಕ ಎಸ್.ಎಂ.ಸುತಾರ, ಸಹ ಶಿಕ್ಷಕರು, ಎಸ್‌ಡಿಎಂಸಿ ಅಧ್ಯಕ್ಷರು, ಸದಸ್ಯರು, ಗ್ರಾಮಸ್ಥರು ಉಪಸ್ಥಿತರಿದ್ದರು. ಮಕ್ಕಳು ವಿವಿಧ ಸಾಂಸ್ಕೃತಿಕ ಕಾರ್ಯಕ್ರಮ ನೀಡಿ ಗಮನ ಸೆಳೆದರು.
ಪಾಲಕರಿಗೆ, ಹಿರಿಯರಿಗೆ ಮಕ್ಕಳು ಗೌರವ ನೀಡಲಿ: ಸುತಾರ
ಹುಲ್ಯಾಳ: ಗುರು ಹಿರಿಯರು ಹಾಗೂ ತಂದೆ-ತಾಯಿಯರನ್ನು ಗೌರವದ ಹಾಗೂ ಪೂಜ್ಯ ಭಾವನೆ ಹೊಂದಿದರೆ ಉತ್ತಮ ವಿದ್ಯಾರ್ಥಿಗಳ ಲಕ್ಷಣವೆಂದು ಸಾಹಿತಿ ಸುತಾರ ಹೇಳಿದರು. ಎಸ್‌ಎಂ ಲೋಣಿ ಕರಿಯ ಪ್ರಾಥಮಿಕ ಶಾಲೆ ಯೋಗಾಶ್ರಮ ಹುಲ್ಯಾಳದಲ್ಲಿ ನಡೆದ ವಾರ್ಷಿಕ ಸ್ನೇಹ ಸಮ್ಮೇಳನ ಕಾರ್ಯಕ್ರಮ ಉದ್ಘಾಟಿಸಿ ಮಾತನಾಡಿದರು. ಮಕ್ಕಳು ಆತ್ಮಸ್ಥೈರ್ಯ ಹಾಗೂ ಪ್ರತಿಭಾ ಶಕ್ತಿ ಹೊರತರುವಲ್ಲಿ ಶಿಕ್ಷಕರ ಪಾತ್ರ ಮುಖ್ಯ. ಸೋಲಾಪುರ, ನಿವೃತ್ತ ಹಿರಿಯ ಶಿಕ್ಷಕರು, ಗ್ರಾಮಸ್ಥರು ಉಪಸ್ಥಿತರಿದ್ದರು.
ಸೋಲಾಪುರ, ನಿವೃತ್ತ ಹಿರಿಯ ಶಿಕ್ಷಕ ಆರ್.ಎಂ.ಗೋಣಿ ಕಾರ್ಯಕ್ರಮ ಉದ್ಘಾಟಿಸಿದರು.
ಜನಪರ ಬಜೆಟ್: ಬೈರಕದಾರ
ಲೋಕಾಪುರ: ರಾಜ್ಯದ ಸರ್ವರ ಏಳಿಗೆ ಬಯಸುವ ಹಾಗೂ ರಾಜ್ಯದ ಸರ್ವಾಂಗೀಣ ಅಭಿವೃದ್ಧಿಗೆ ಮುಖ್ಯಮಂತ್ರಿ ಸಿದ್ದರಾಮಯ್ಯ ಅವರು ಜನಪರ ಬಜೆಟ್ ಮಂಡಿಸಿದ್ದಾರೆ. ಎಲ್ಲ ವರ್ಗದ ಜನರಿಗೆ ಅನುಕೂಲವಾಗಿದೆ. ಶಿಕ್ಷಣ, ಆರೋಗ್ಯ, ಕೃಷಿ, ನೀರಾವರಿ, ಮಹಿಳೆಯರ ಕಲ್ಯಾಣ ಸೇರಿದಂತೆ ಹಲವು ಯೋಜನೆ ಘೋಷಿಸಿರುವುದು ಸ್ವಾಗತಾರ್ಹ ಎಂದು ಮುಖಂಡ ಬೈರಕದಾರ ಹೇಳಿದರು.
ಬಜೆಟ್‌ನಲ್ಲಿ ರೈತರ ಬಗ್ಗೆ ಕಾಳಜಿ ಇಲ್ಲ
ಲೋಕಾಪುರ: ಬಜೆಟ್‌ನಲ್ಲಿ ರೈತರ ಬಗ್ಗೆ ಯಾವುದೇ ಕಾಳಜಿ ಇಲ್ಲ. ಕಬ್ಬು ಬೆಳೆಗಾರರಿಗೆ ಬೆಂಬಲ ಬೆಲೆ ಘೋಷಣೆ ಮಾಡಿಲ್ಲ. ಕೇಂದ್ರ ಸರ್ಕಾರದ ಯೋಜನೆಗಳನ್ನು ರಾಜ್ಯ ಸರ್ಕಾರ ತನ್ನದೆಂದು ಬಿಂಬಿಸುತ್ತಿದೆ ಎಂದು ರೈತ ಮುಖಂಡ ಆರೋಪಿಸಿದರು.
ಮಹಿಳೆಯರ ಪರ ಬಜೆಟ್
ಬಾದಾಮಿ: ಮುಖ್ಯಮಂತ್ರಿ ಸಿದ್ದರಾಮಯ್ಯ ಅವರು ಮಂಡಿಸಿದ ಬಜೆಟ್ ಮಹಿಳೆಯರ ಪರವಾಗಿದೆ. ಗೃಹಲಕ್ಷ್ಮಿ, ಶಕ್ತಿ ಯೋಜನೆ ಮುಂದುವರಿಸಲಾಗಿದೆ. ಮಹಿಳೆಯರ ಸಬಲೀಕರಣಕ್ಕೆ ಒತ್ತು ನೀಡಲಾಗಿದೆ ಎಂದು ಕಾಂಗ್ರೆಸ್ ಮಹಿಳಾ ಘಟಕದ ಅಧ್ಯಕ್ಷೆ ಹೇಳಿದರು.
ಬಜೆಟ್‌ನಲ್ಲಿ ಬರೀ ಸುಳ್ಳು
ಬಾದಾಮಿ: ಮುಖ್ಯಮಂತ್ರಿ ಬಜೆಟ್‌ನಲ್ಲಿ ಬರೀ ಸುಳ್ಳು ಹೇಳಿದ್ದಾರೆ. 2026-27ನೇ ಸಾಲಿನಲ್ಲಿ ಯಾವುದೇ ಹೊಸ ಯೋಜನೆ ಇಲ್ಲ. ರಾಜ್ಯವನ್ನು ಸಾಲದ ಸುಳಿಗೆ ತಳ್ಳಿದ್ದಾರೆ ಎಂದು ಬಿಜೆಪಿ ಮುಖಂಡ ಟೀಕಿಸಿದರು.
4.54 ಲಕ್ಷ ರೂ. ಸಹಕಾರ ಶಿಕ್ಷಣ ನಿಧಿ ವಿತರಣೆ
ಕಮತಗಿ: ಹೊಳೆ ಹುಚ್ಚೇಶ್ವರ ಪತ್ತಿನ ಸಹಕಾರ ಸಂಘ ನಿ.ಅಧ್ಯಕ್ಷ ಮುದಗೇಶ ಬಿ. ಕತ್ತಿಮನಿ 2024-25ನೇ ಸಾಲಿನ ಸಹಕಾರ ಶಿಕ್ಷಣ ನಿಧಿ ರೂ. 4,54,163 ರೂ. ಗಳ ಚೆಕ್ಕನ್ನು ಸಹಕಾರ ಯೂನಿಯನ್ ಸಂಘ, ಅಭಿವೃದ್ಧಿಗಾರ ಅವರಿಗೆ ನೀಡಿದರು. ಸಂಘದ ಉಪಾಧ್ಯಕ್ಷರು, ನಿರ್ದೇಶಕರು, ಸಿಬ್ಬಂದಿ ಉಪಸ್ಥಿತರಿದ್ದರು.
ಭರವಸೆ ಹುಸಿಗೊಳಿಸಿದ ಬಜೆಟ್
ಬೀಳಗಿ: ಅಲಮಟ್ಟಿ ಜಲಾಶಯದ ಹಿನ್ನೀರಿನಿಂದ ಮುಳುಗಡೆಯಾಗುವ ಸಂತ್ರಸ್ತರ ಪುನರ್ವಸತಿ ಕುರಿತು ಯಾವುದೇ ಘೋಷಣೆ ಮಾಡದೆ ಭರವಸೆ ಹುಸಿಗೊಳಿಸಲಾಗಿದೆ. ಜಿಲ್ಲೆಯ ನೀರಾವರಿ ಯೋಜನೆಗಳಿಗೆ ಅನುದಾನ ನೀಡಿಲ್ಲ ಎಂದು ಮುಖಂಡ ಆರೋಪಿಸಿದರು.
ಜನವಿರೋಧಿ ಬಜೆಟ್
ಬಾದಾಮಿ: ರಾಜ್ಯ ಸರ್ಕಾರದ ಸಿಎಂ ಸಿದ್ದರಾಮಯ್ಯ ಅವರು ಮಂಡಿಸಿರುವ ರಾಜ್ಯ ಬಜೆಟ್ 2026-27 ಜನವಿರೋಧಿಯಾಗಿದೆ. ಗ್ಯಾರಂಟಿ ಯೋಜನೆಗಳ ಹೆಸರಿನಲ್ಲಿ ಜನರ ಮೇಲೆ ತೆರಿಗೆ ಹೊರೆ ಹಾಕಲಾಗಿದೆ ಎಂದು ಮುಖಂಡ ಹೇಳಿದರು.
